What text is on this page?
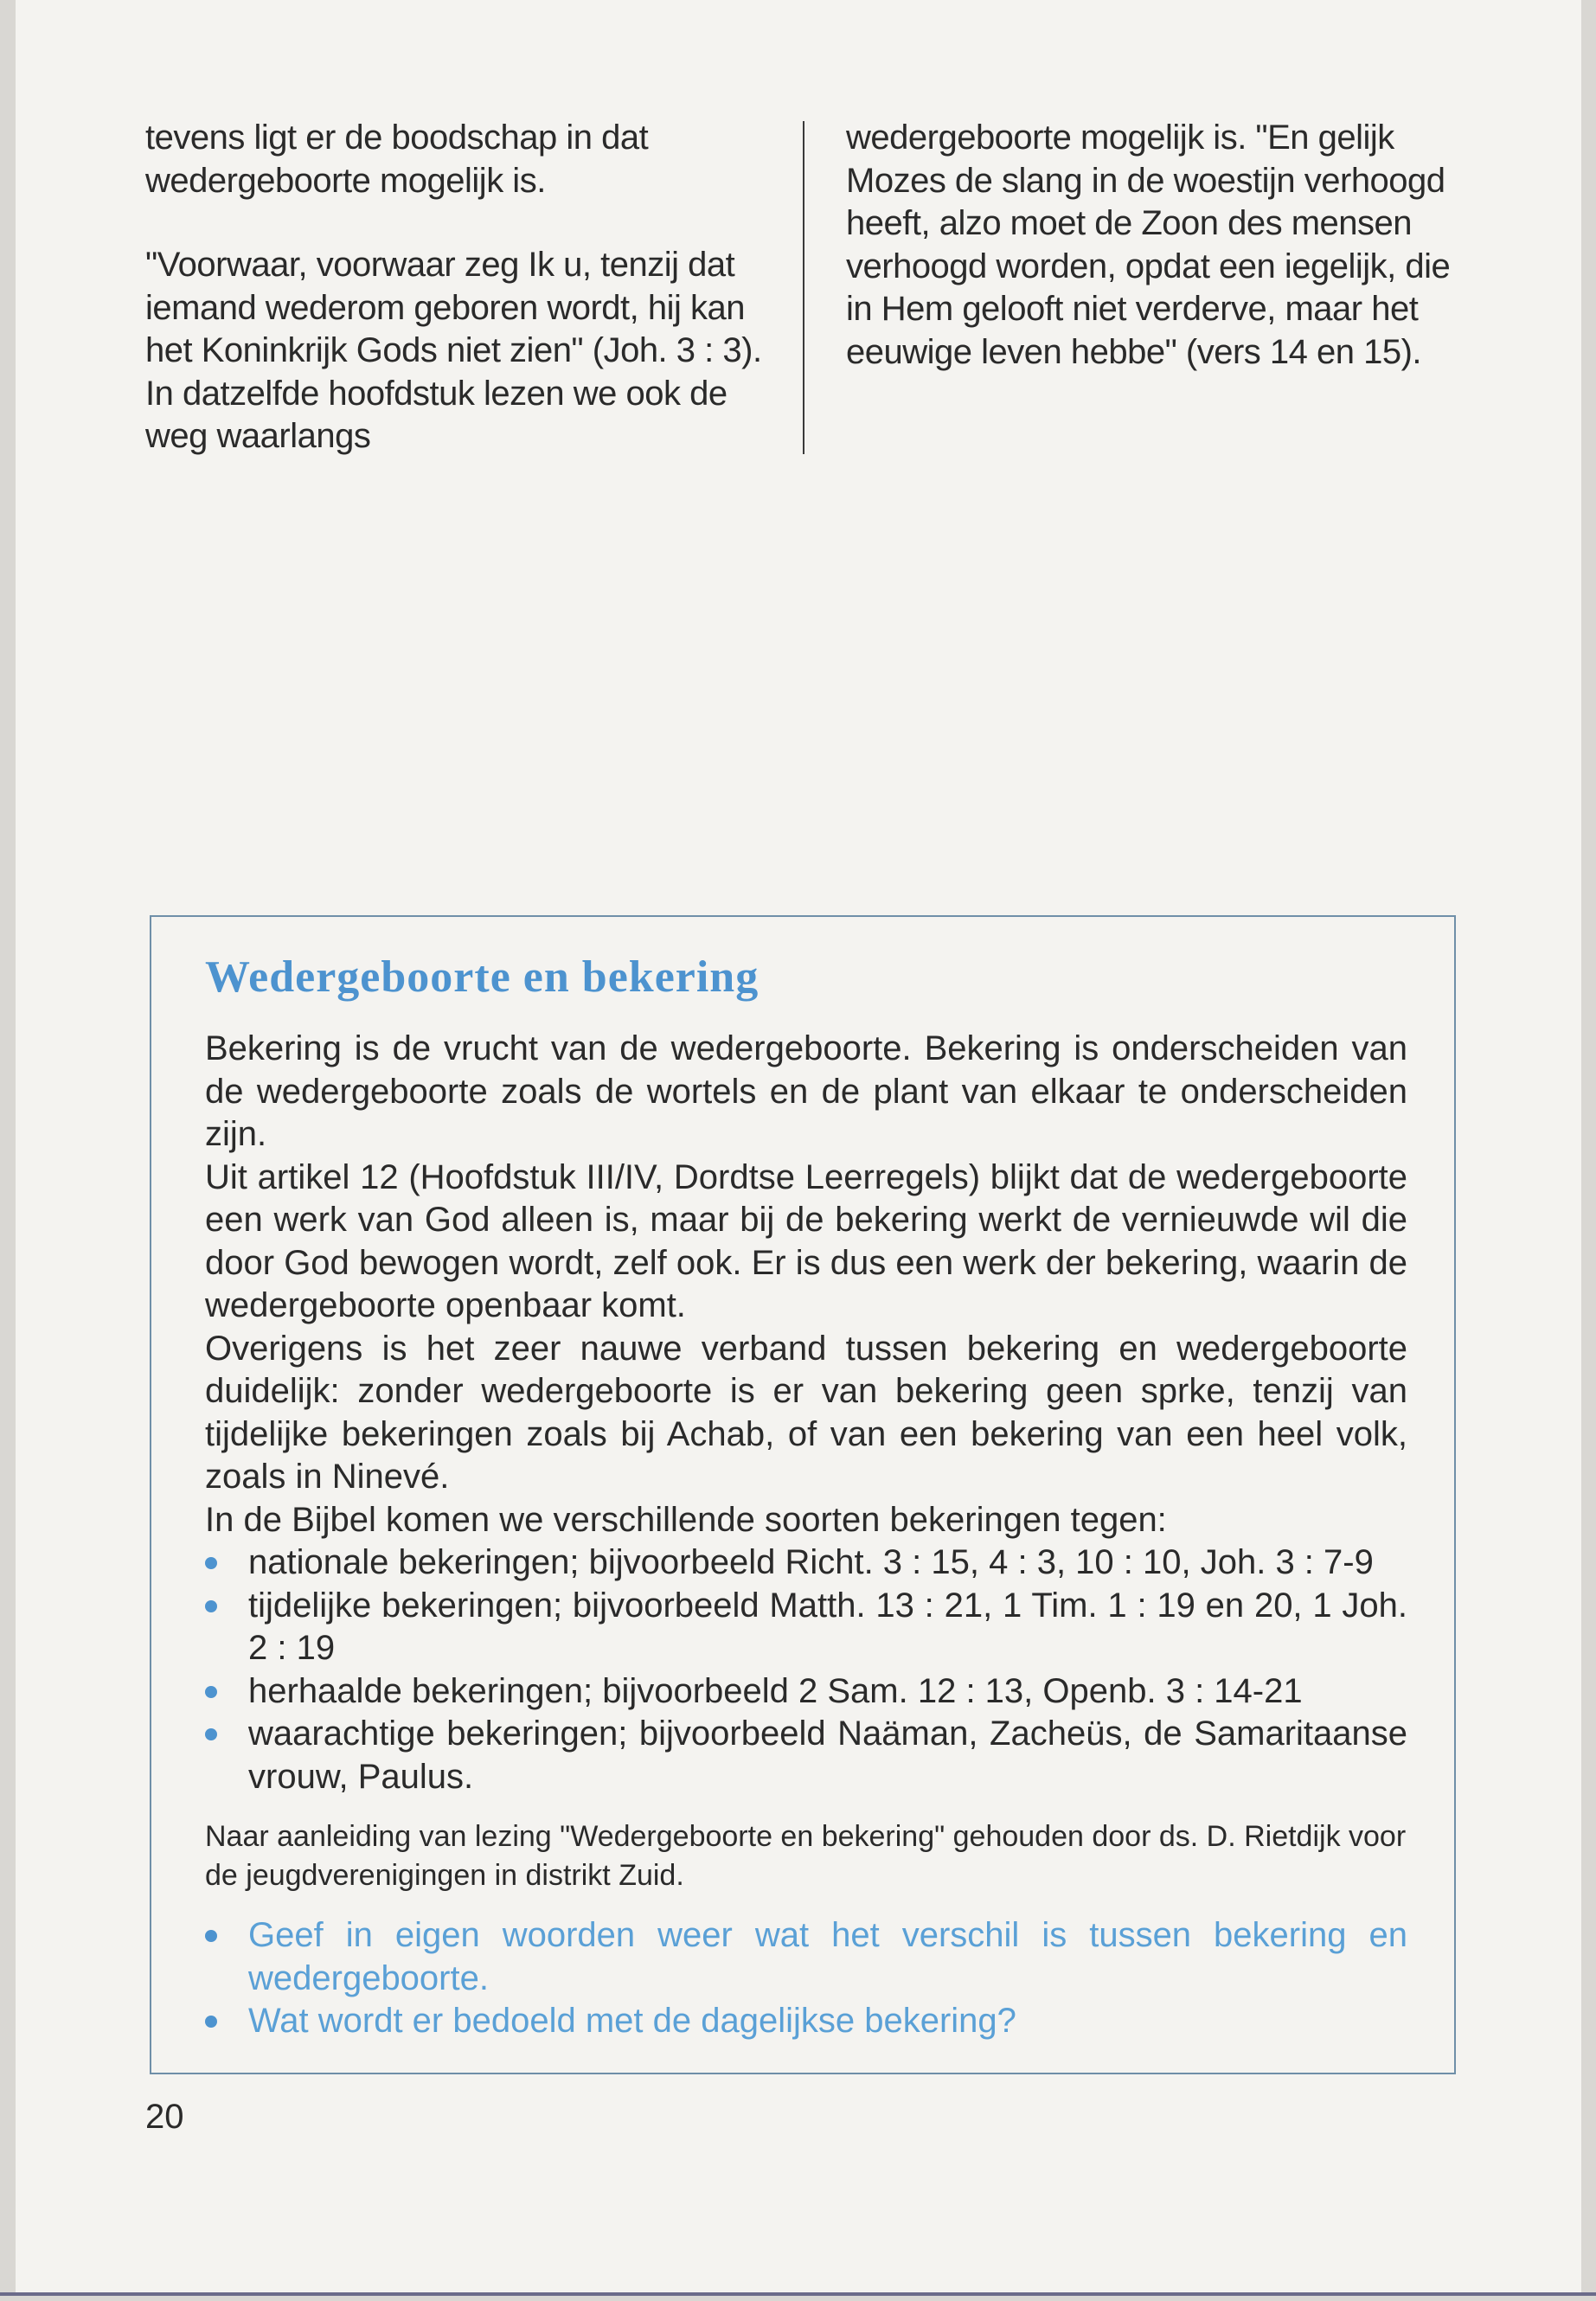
tevens ligt er de boodschap in dat wedergeboorte mogelijk is.

"Voorwaar, voorwaar zeg Ik u, tenzij dat iemand wederom geboren wordt, hij kan het Koninkrijk Gods niet zien" (Joh. 3 : 3). In datzelfde hoofdstuk lezen we ook de weg waarlangs

wedergeboorte mogelijk is. "En gelijk Mozes de slang in de woestijn verhoogd heeft, alzo moet de Zoon des mensen verhoogd worden, opdat een iegelijk, die in Hem gelooft niet verderve, maar het eeuwige leven hebbe" (vers 14 en 15).

Wedergeboorte en bekering

Bekering is de vrucht van de wedergeboorte. Bekering is onderscheiden van de wedergeboorte zoals de wortels en de plant van elkaar te onderscheiden zijn.

Uit artikel 12 (Hoofdstuk III/IV, Dordtse Leerregels) blijkt dat de wedergeboorte een werk van God alleen is, maar bij de bekering werkt de vernieuwde wil die door God bewogen wordt, zelf ook. Er is dus een werk der bekering, waarin de wedergeboorte openbaar komt.

Overigens is het zeer nauwe verband tussen bekering en wedergeboorte duidelijk: zonder wedergeboorte is er van bekering geen sprke, tenzij van tijdelijke bekeringen zoals bij Achab, of van een bekering van een heel volk, zoals in Ninevé.

In de Bijbel komen we verschillende soorten bekeringen tegen:

nationale bekeringen; bijvoorbeeld Richt. 3 : 15, 4 : 3, 10 : 10, Joh. 3 : 7-9
tijdelijke bekeringen; bijvoorbeeld Matth. 13 : 21, 1 Tim. 1 : 19 en 20, 1 Joh. 2 : 19
herhaalde bekeringen; bijvoorbeeld 2 Sam. 12 : 13, Openb. 3 : 14-21
waarachtige bekeringen; bijvoorbeeld Naäman, Zacheüs, de Samaritaanse vrouw, Paulus.

Naar aanleiding van lezing "Wedergeboorte en bekering" gehouden door ds. D. Rietdijk voor de jeugdverenigingen in distrikt Zuid.

Geef in eigen woorden weer wat het verschil is tussen bekering en wedergeboorte.
Wat wordt er bedoeld met de dagelijkse bekering?
20
